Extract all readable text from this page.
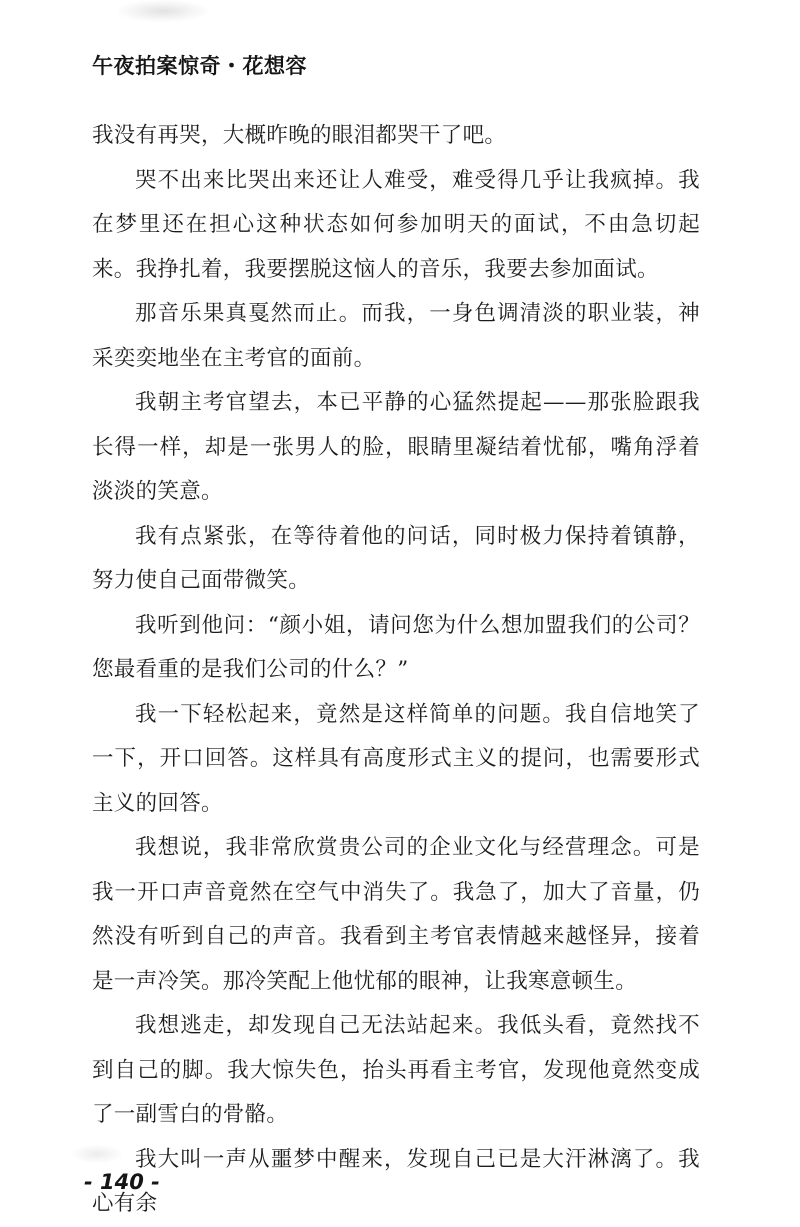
午夜拍案惊奇・花想容

我没有再哭，大概昨晚的眼泪都哭干了吧。

哭不出来比哭出来还让人难受，难受得几乎让我疯掉。我在梦里还在担心这种状态如何参加明天的面试，不由急切起来。我挣扎着，我要摆脱这恼人的音乐，我要去参加面试。

那音乐果真戛然而止。而我，一身色调清淡的职业装，神采奕奕地坐在主考官的面前。

我朝主考官望去，本已平静的心猛然提起——那张脸跟我长得一样，却是一张男人的脸，眼睛里凝结着忧郁，嘴角浮着淡淡的笑意。

我有点紧张，在等待着他的问话，同时极力保持着镇静，努力使自己面带微笑。

我听到他问：“颜小姐，请问您为什么想加盟我们的公司？您最看重的是我们公司的什么？”

我一下轻松起来，竟然是这样简单的问题。我自信地笑了一下，开口回答。这样具有高度形式主义的提问，也需要形式主义的回答。

我想说，我非常欣赏贵公司的企业文化与经营理念。可是我一开口声音竟然在空气中消失了。我急了，加大了音量，仍然没有听到自己的声音。我看到主考官表情越来越怪异，接着是一声冷笑。那冷笑配上他忧郁的眼神，让我寒意顿生。

我想逃走，却发现自己无法站起来。我低头看，竟然找不到自己的脚。我大惊失色，抬头再看主考官，发现他竟然变成了一副雪白的骨骼。

我大叫一声从噩梦中醒来，发现自己已是大汗淋漓了。我心有余

- 140 -
